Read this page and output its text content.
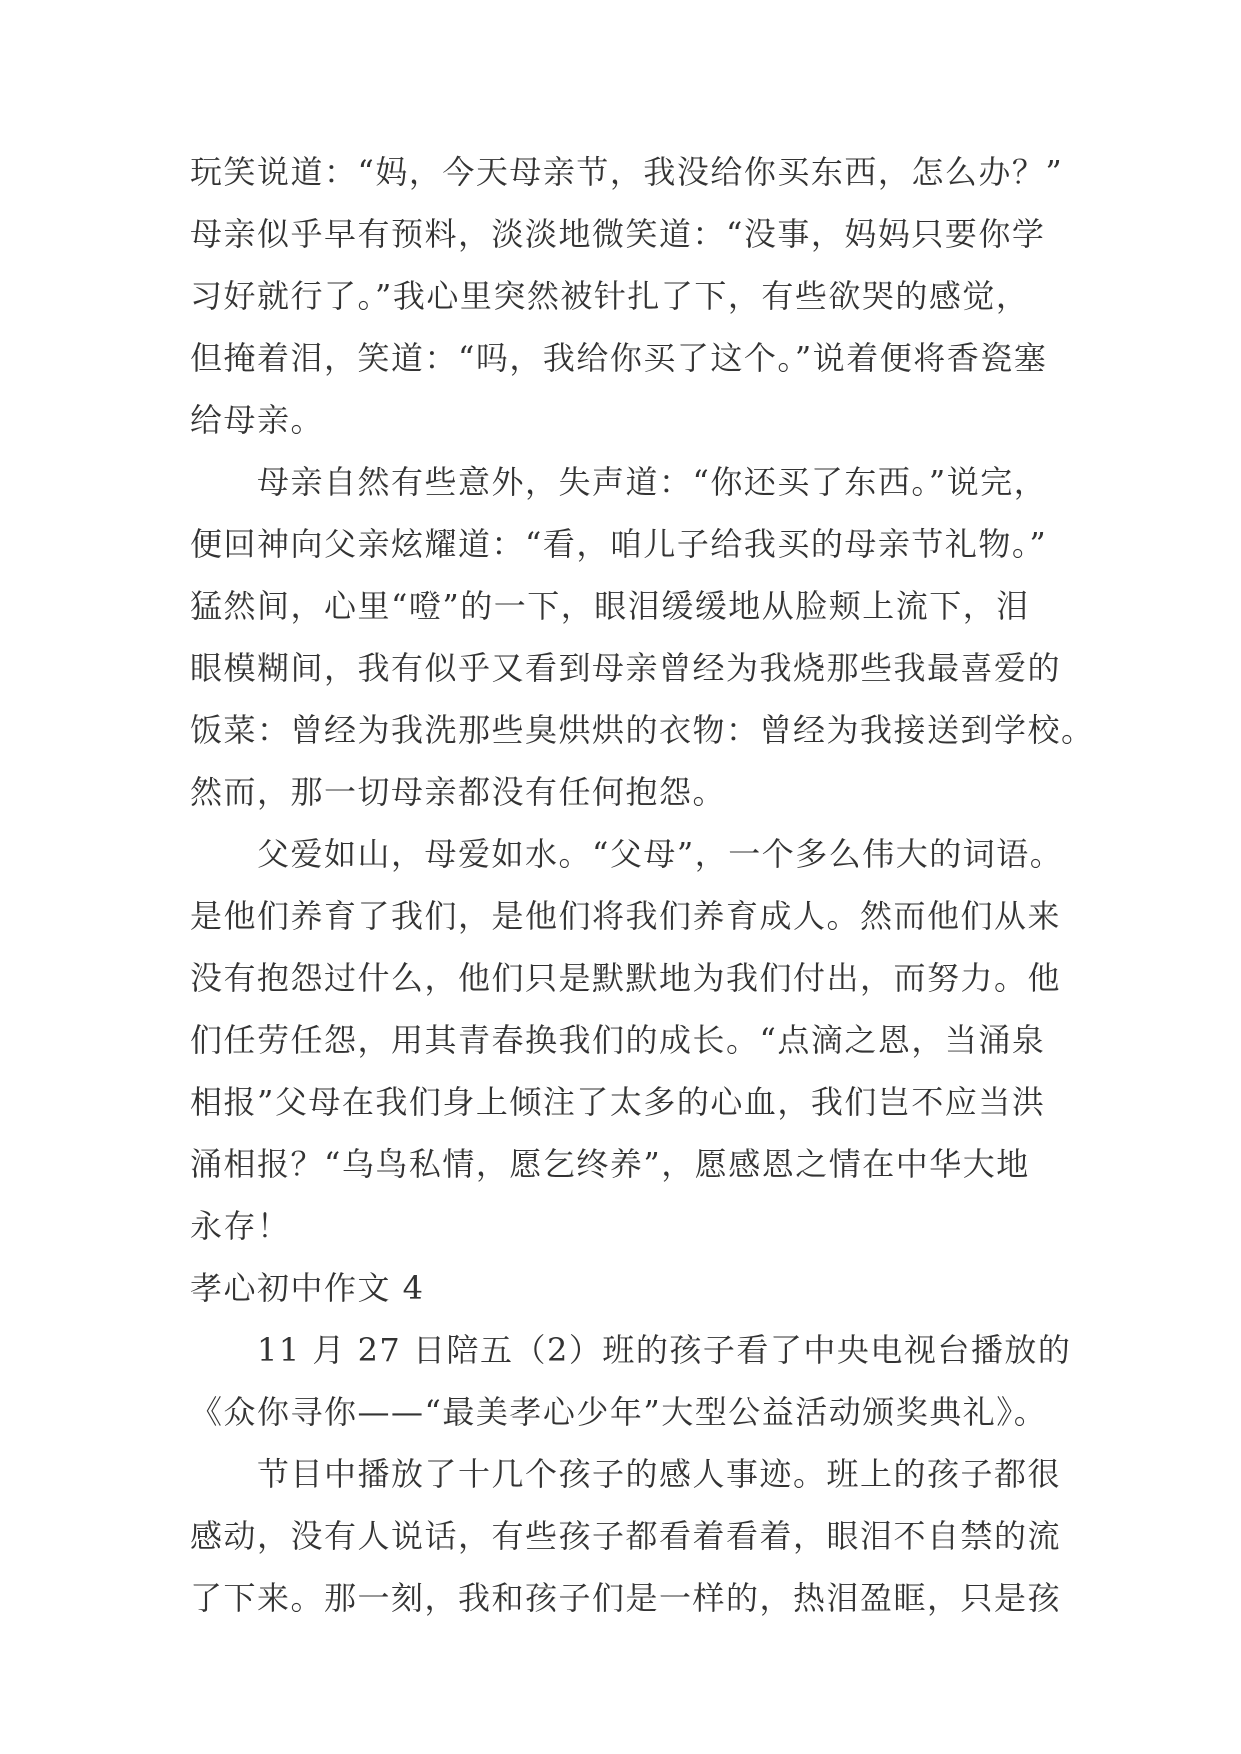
玩笑说道：“妈，今天母亲节，我没给你买东西，怎么办？”
母亲似乎早有预料，淡淡地微笑道：“没事，妈妈只要你学
习好就行了。”我心里突然被针扎了下，有些欲哭的感觉，
但掩着泪，笑道：“吗，我给你买了这个。”说着便将香瓷塞
给母亲。
母亲自然有些意外，失声道：“你还买了东西。”说完，
便回神向父亲炫耀道：“看，咱儿子给我买的母亲节礼物。”
猛然间，心里“噔”的一下，眼泪缓缓地从脸颊上流下，泪
眼模糊间，我有似乎又看到母亲曾经为我烧那些我最喜爱的
饭菜：曾经为我洗那些臭烘烘的衣物：曾经为我接送到学校。
然而，那一切母亲都没有任何抱怨。
父爱如山，母爱如水。“父母”，一个多么伟大的词语。
是他们养育了我们，是他们将我们养育成人。然而他们从来
没有抱怨过什么，他们只是默默地为我们付出，而努力。他
们任劳任怨，用其青春换我们的成长。“点滴之恩，当涌泉
相报”父母在我们身上倾注了太多的心血，我们岂不应当洪
涌相报？“乌鸟私情，愿乞终养”，愿感恩之情在中华大地
永存！
孝心初中作文 4
11 月 27 日陪五（2）班的孩子看了中央电视台播放的
《众你寻你——“最美孝心少年”大型公益活动颁奖典礼》。
节目中播放了十几个孩子的感人事迹。班上的孩子都很
感动，没有人说话，有些孩子都看着看着，眼泪不自禁的流
了下来。那一刻，我和孩子们是一样的，热泪盈眶，只是孩
